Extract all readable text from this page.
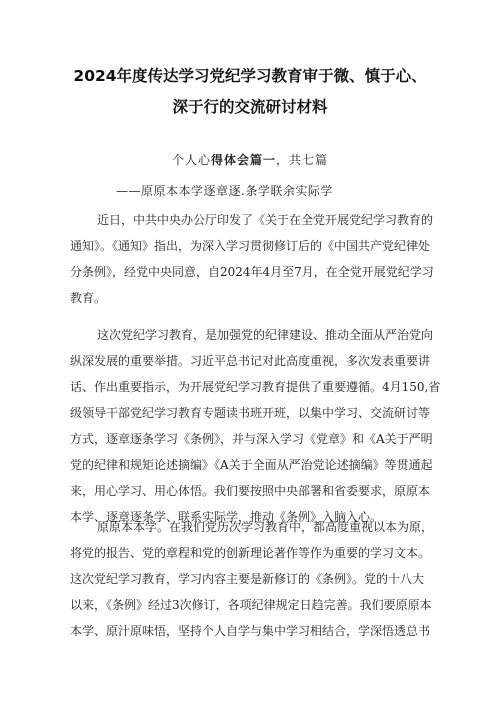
2024年度传达学习党纪学习教育审于微、慎于心、
深于行的交流研讨材料
个人心得体会篇一，共七篇
——原原本本学逐章逐.条学联余实际学
近日，中共中央办公厅印发了《关于在全党开展党纪学习教育的
通知》。《通知》指出，为深入学习贯彻修订后的《中国共产党纪律处
分条例》，经党中央同意，自2024年4月至7月，在全党开展党纪学习
教育。
这次党纪学习教育，是加强党的纪律建设、推动全面从严治党向
纵深发展的重要举措。习近平总书记对此高度重视，多次发表重要讲
话、作出重要指示，为开展党纪学习教育提供了重要遵循。4月150,省
级领导干部党纪学习教育专题读书班开班，以集中学习、交流研讨等
方式，逐章逐条学习《条例》，并与深入学习《党章》和《A关于严明
党的纪律和规矩论述摘编》《A关于全面从严治党论述摘编》等贯通起
来，用心学习、用心体悟。我们要按照中央部署和省委要求，原原本
本学、逐章逐条学、联系实际学，推动《条例》入脑入心。
原原本本学。在我们党历次学习教育中，都高度重视以本为原，
将党的报告、党的章程和党的创新理论著作等作为重要的学习文本。
这次党纪学习教育，学习内容主要是新修订的《条例》。党的十八大
以来，《条例》经过3次修订，各项纪律规定日趋完善。我们要原原本
本学、原汁原味悟，坚持个人自学与集中学习相结合，学深悟透总书
